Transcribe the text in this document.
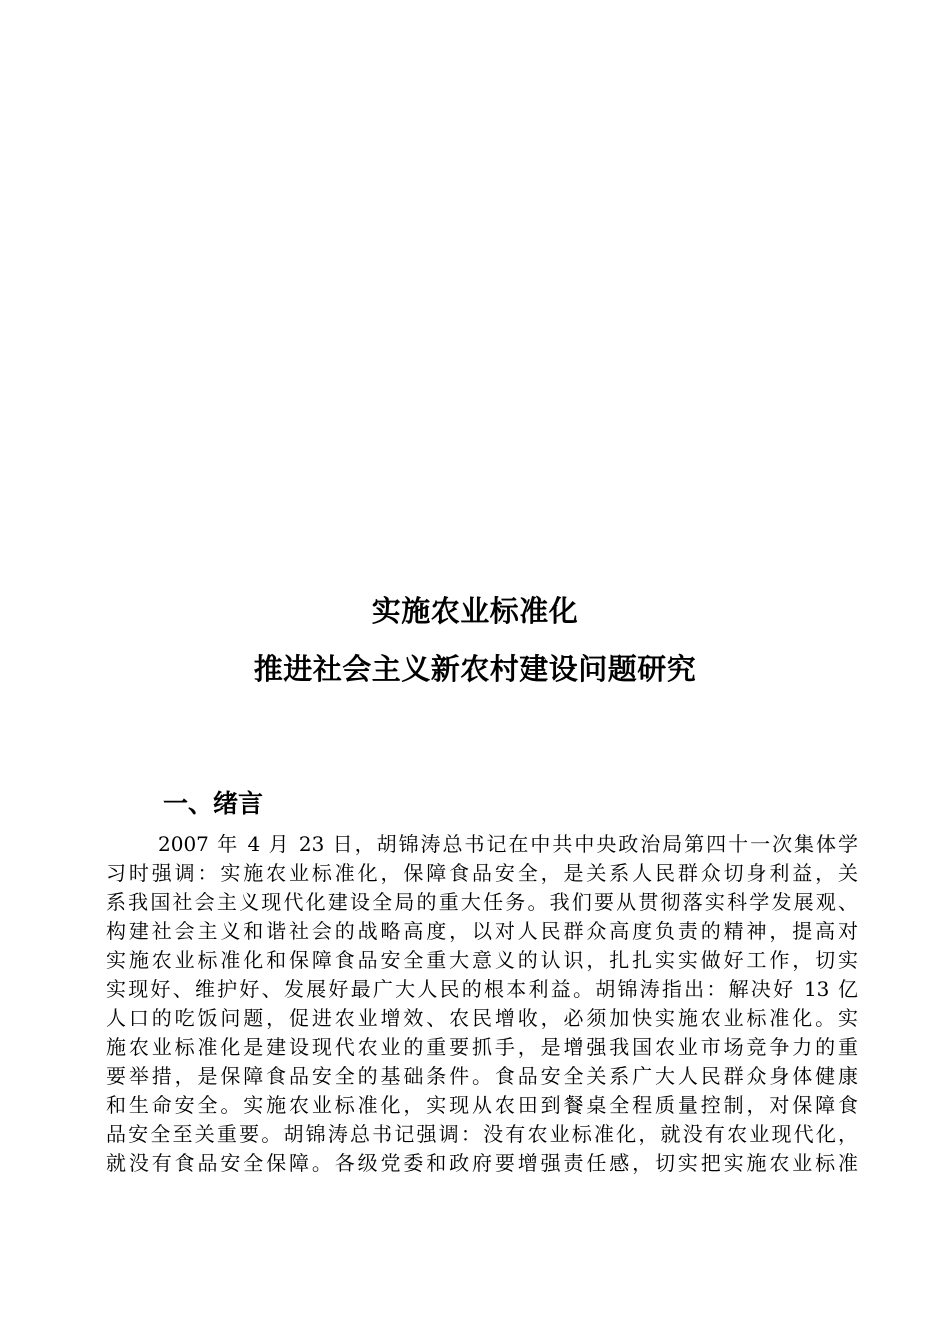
实施农业标准化
推进社会主义新农村建设问题研究
一、绪言
2007 年 4 月 23 日，胡锦涛总书记在中共中央政治局第四十一次集体学
习时强调：实施农业标准化，保障食品安全，是关系人民群众切身利益，关
系我国社会主义现代化建设全局的重大任务。我们要从贯彻落实科学发展观、
构建社会主义和谐社会的战略高度，以对人民群众高度负责的精神，提高对
实施农业标准化和保障食品安全重大意义的认识，扎扎实实做好工作，切实
实现好、维护好、发展好最广大人民的根本利益。胡锦涛指出：解决好 13 亿
人口的吃饭问题，促进农业增效、农民增收，必须加快实施农业标准化。实
施农业标准化是建设现代农业的重要抓手，是增强我国农业市场竞争力的重
要举措，是保障食品安全的基础条件。食品安全关系广大人民群众身体健康
和生命安全。实施农业标准化，实现从农田到餐桌全程质量控制，对保障食
品安全至关重要。胡锦涛总书记强调：没有农业标准化，就没有农业现代化，
就没有食品安全保障。各级党委和政府要增强责任感，切实把实施农业标准
